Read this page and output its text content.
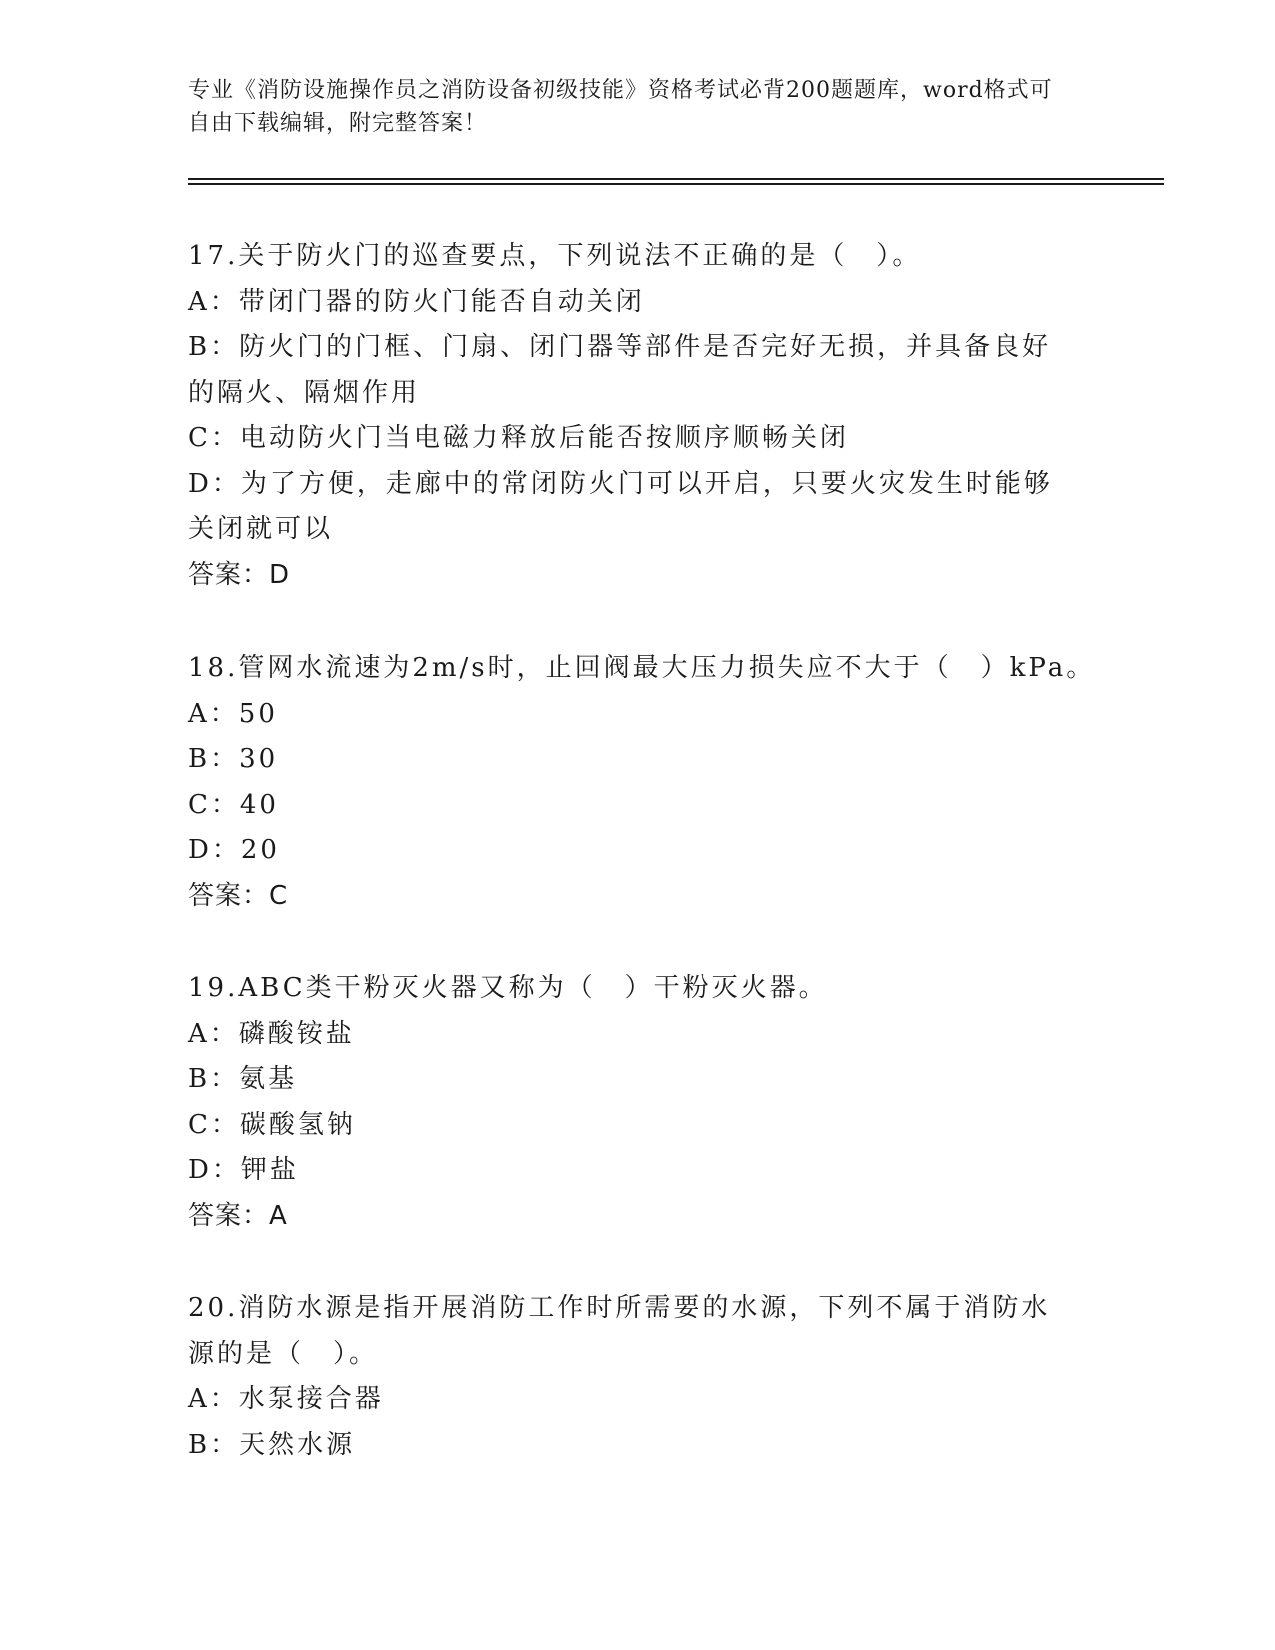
专业《消防设施操作员之消防设备初级技能》资格考试必背200题题库，word格式可自由下载编辑，附完整答案！
17.关于防火门的巡查要点，下列说法不正确的是（　）。
A：带闭门器的防火门能否自动关闭
B：防火门的门框、门扇、闭门器等部件是否完好无损，并具备良好的隔火、隔烟作用
C：电动防火门当电磁力释放后能否按顺序顺畅关闭
D：为了方便，走廊中的常闭防火门可以开启，只要火灾发生时能够关闭就可以
答案：D
18.管网水流速为2m/s时，止回阀最大压力损失应不大于（　）kPa。
A：50
B：30
C：40
D：20
答案：C
19.ABC类干粉灭火器又称为（　）干粉灭火器。
A：磷酸铵盐
B：氨基
C：碳酸氢钠
D：钾盐
答案：A
20.消防水源是指开展消防工作时所需要的水源，下列不属于消防水源的是（　）。
A：水泵接合器
B：天然水源
